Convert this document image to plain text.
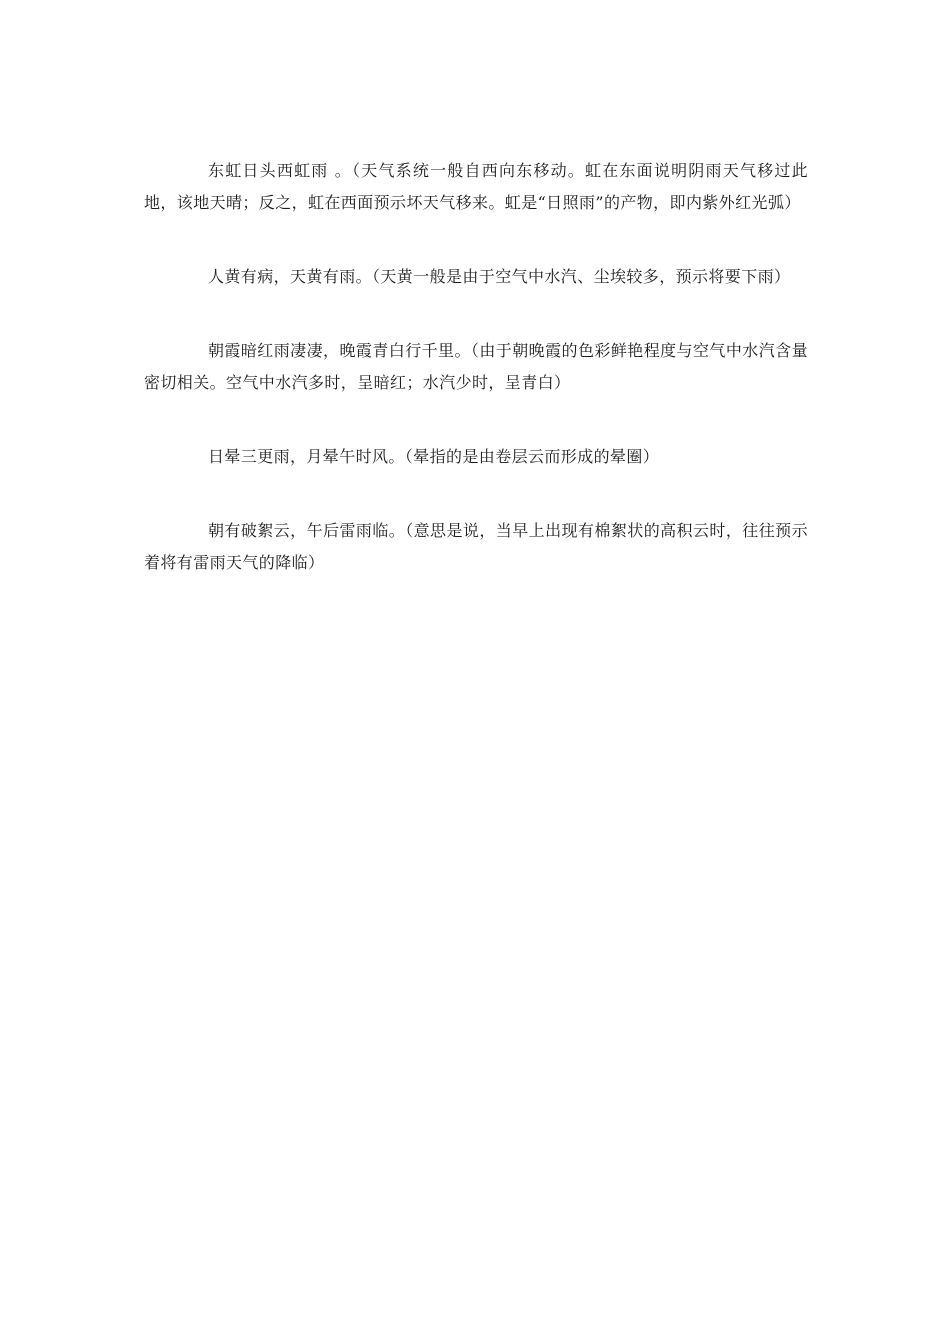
东虹日头西虹雨 。（天气系统一般自西向东移动。虹在东面说明阴雨天气移过此地，该地天晴；反之，虹在西面预示坏天气移来。虹是“日照雨”的产物，即内紫外红光弧）

人黄有病，天黄有雨。（天黄一般是由于空气中水汽、尘埃较多，预示将要下雨）

朝霞暗红雨凄凄，晚霞青白行千里。（由于朝晚霞的色彩鲜艳程度与空气中水汽含量密切相关。空气中水汽多时，呈暗红；水汽少时，呈青白）

日晕三更雨，月晕午时风。（晕指的是由卷层云而形成的晕圈）

朝有破絮云，午后雷雨临。（意思是说，当早上出现有棉絮状的高积云时，往往预示着将有雷雨天气的降临）
